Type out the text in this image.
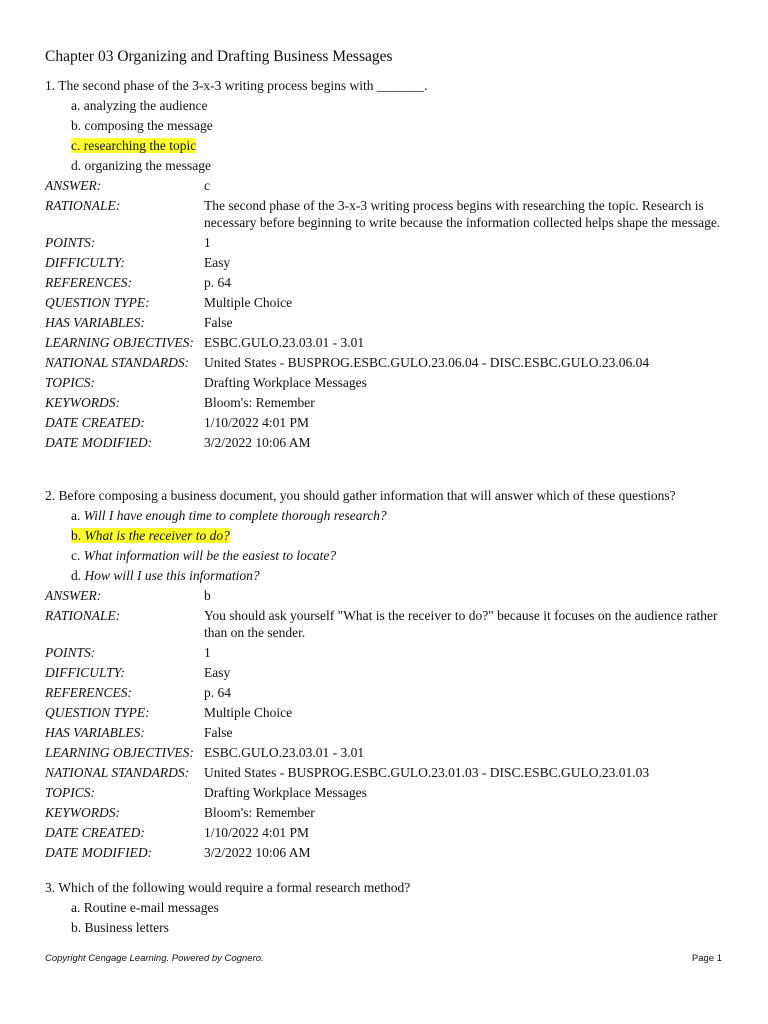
Chapter 03 Organizing and Drafting Business Messages
1. The second phase of the 3-x-3 writing process begins with _______.
a. analyzing the audience
b. composing the message
c. researching the topic
d. organizing the message
ANSWER:	c
RATIONALE:	The second phase of the 3-x-3 writing process begins with researching the topic. Research is necessary before beginning to write because the information collected helps shape the message.
POINTS:	1
DIFFICULTY:	Easy
REFERENCES:	p. 64
QUESTION TYPE:	Multiple Choice
HAS VARIABLES:	False
LEARNING OBJECTIVES: ESBC.GULO.23.03.01 - 3.01
NATIONAL STANDARDS:	United States - BUSPROG.ESBC.GULO.23.06.04 - DISC.ESBC.GULO.23.06.04
TOPICS:	Drafting Workplace Messages
KEYWORDS:	Bloom's: Remember
DATE CREATED:	1/10/2022 4:01 PM
DATE MODIFIED:	3/2/2022 10:06 AM
2. Before composing a business document, you should gather information that will answer which of these questions?
a. Will I have enough time to complete thorough research?
b. What is the receiver to do?
c. What information will be the easiest to locate?
d. How will I use this information?
ANSWER:	b
RATIONALE:	You should ask yourself "What is the receiver to do?" because it focuses on the audience rather than on the sender.
POINTS:	1
DIFFICULTY:	Easy
REFERENCES:	p. 64
QUESTION TYPE:	Multiple Choice
HAS VARIABLES:	False
LEARNING OBJECTIVES: ESBC.GULO.23.03.01 - 3.01
NATIONAL STANDARDS:	United States - BUSPROG.ESBC.GULO.23.01.03 - DISC.ESBC.GULO.23.01.03
TOPICS:	Drafting Workplace Messages
KEYWORDS:	Bloom's: Remember
DATE CREATED:	1/10/2022 4:01 PM
DATE MODIFIED:	3/2/2022 10:06 AM
3. Which of the following would require a formal research method?
a. Routine e-mail messages
b. Business letters
Copyright Cengage Learning. Powered by Cognero.	Page 1
